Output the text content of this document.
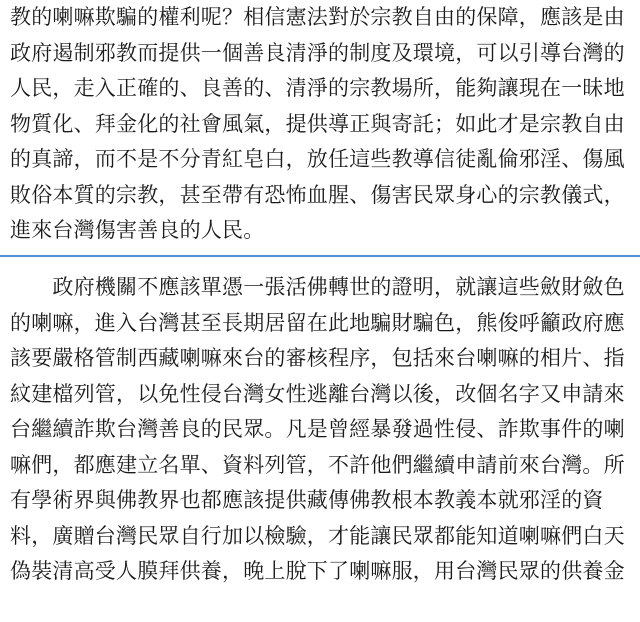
教的喇嘛欺騙的權利呢？相信憲法對於宗教自由的保障，應該是由
政府遏制邪教而提供一個善良清淨的制度及環境，可以引導台灣的
人民，走入正確的、良善的、清淨的宗教場所，能夠讓現在一昧地
物質化、拜金化的社會風氣，提供導正與寄託；如此才是宗教自由
的真諦，而不是不分青紅皂白，放任這些教導信徒亂倫邪淫、傷風
敗俗本質的宗教，甚至帶有恐怖血腥、傷害民眾身心的宗教儀式，
進來台灣傷害善良的人民。
　　政府機關不應該單憑一張活佛轉世的證明，就讓這些斂財斂色
的喇嘛，進入台灣甚至長期居留在此地騙財騙色，熊俊呼籲政府應
該要嚴格管制西藏喇嘛來台的審核程序，包括來台喇嘛的相片、指
紋建檔列管，以免性侵台灣女性逃離台灣以後，改個名字又申請來
台繼續詐欺台灣善良的民眾。凡是曾經暴發過性侵、詐欺事件的喇
嘛們，都應建立名單、資料列管，不許他們繼續申請前來台灣。所
有學術界與佛教界也都應該提供藏傳佛教根本教義本就邪淫的資
料，廣贈台灣民眾自行加以檢驗，才能讓民眾都能知道喇嘛們白天
偽裝清高受人膜拜供養，晚上脫下了喇嘛服，用台灣民眾的供養金
